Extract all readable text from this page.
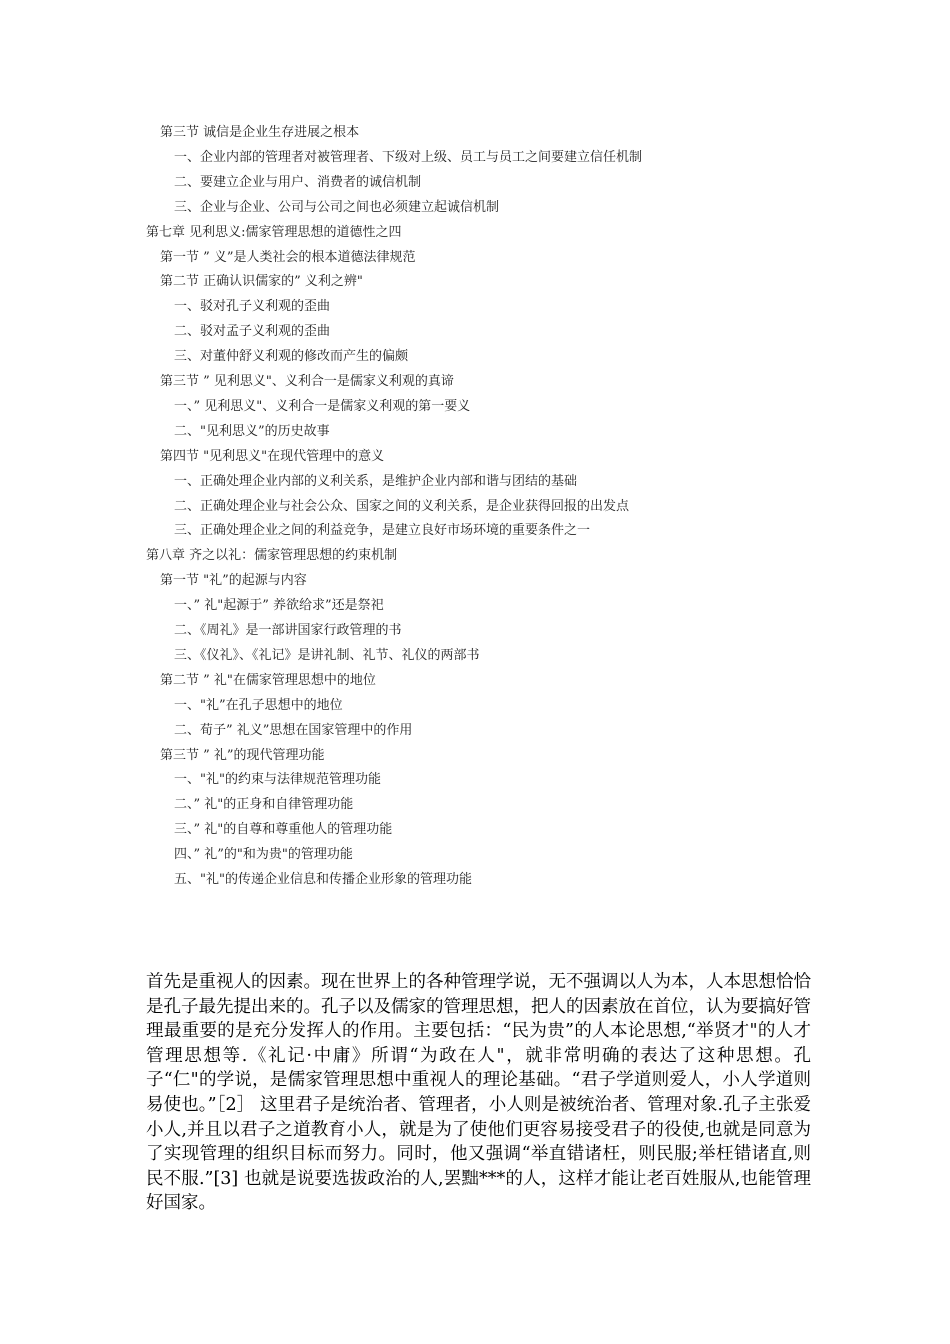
第三节 诚信是企业生存进展之根本
一、企业内部的管理者对被管理者、下级对上级、员工与员工之间要建立信任机制
二、要建立企业与用户、消费者的诚信机制
三、企业与企业、公司与公司之间也必须建立起诚信机制
第七章 见利思义:儒家管理思想的道德性之四
第一节 ” 义”是人类社会的根本道德法律规范
第二节 正确认识儒家的” 义利之辨"
一、驳对孔子义利观的歪曲
二、驳对孟子义利观的歪曲
三、对董仲舒义利观的修改而产生的偏颇
第三节 ” 见利思义"、义利合一是儒家义利观的真谛
一、” 见利思义"、义利合一是儒家义利观的第一要义
二、"见利思义”的历史故事
第四节 "见利思义"在现代管理中的意义
一、正确处理企业内部的义利关系，是维护企业内部和谐与团结的基础
二、正确处理企业与社会公众、国家之间的义利关系，是企业获得回报的出发点
三、正确处理企业之间的利益竞争，是建立良好市场环境的重要条件之一
第八章 齐之以礼：儒家管理思想的约束机制
第一节 "礼”的起源与内容
一、” 礼"起源于” 养欲给求”还是祭祀
二、《周礼》是一部讲国家行政管理的书
三、《仪礼》、《礼记》是讲礼制、礼节、礼仪的两部书
第二节 ” 礼"在儒家管理思想中的地位
一、"礼”在孔子思想中的地位
二、荀子” 礼义”思想在国家管理中的作用
第三节 ” 礼”的现代管理功能
一、"礼"的约束与法律规范管理功能
二、” 礼"的正身和自律管理功能
三、” 礼"的自尊和尊重他人的管理功能
四、” 礼”的"和为贵"的管理功能
五、"礼"的传递企业信息和传播企业形象的管理功能
首先是重视人的因素。现在世界上的各种管理学说，无不强调以人为本，人本思想恰恰是孔子最先提出来的。孔子以及儒家的管理思想，把人的因素放在首位，认为要搞好管理最重要的是充分发挥人的作用。主要包括：“民为贵”的人本论思想,“举贤才"的人才管理思想等.《礼记·中庸》所谓“为政在人"，就非常明确的表达了这种思想。孔子“仁"的学说，是儒家管理思想中重视人的理论基础。“君子学道则爱人，小人学道则易使也。”［2］ 这里君子是统治者、管理者，小人则是被统治者、管理对象.孔子主张爱小人,并且以君子之道教育小人，就是为了使他们更容易接受君子的役使,也就是同意为了实现管理的组织目标而努力。同时，他又强调“举直错诸枉，则民服;举枉错诸直,则民不服.”[3] 也就是说要选拔政治的人,罢黜***的人，这样才能让老百姓服从,也能管理好国家。
